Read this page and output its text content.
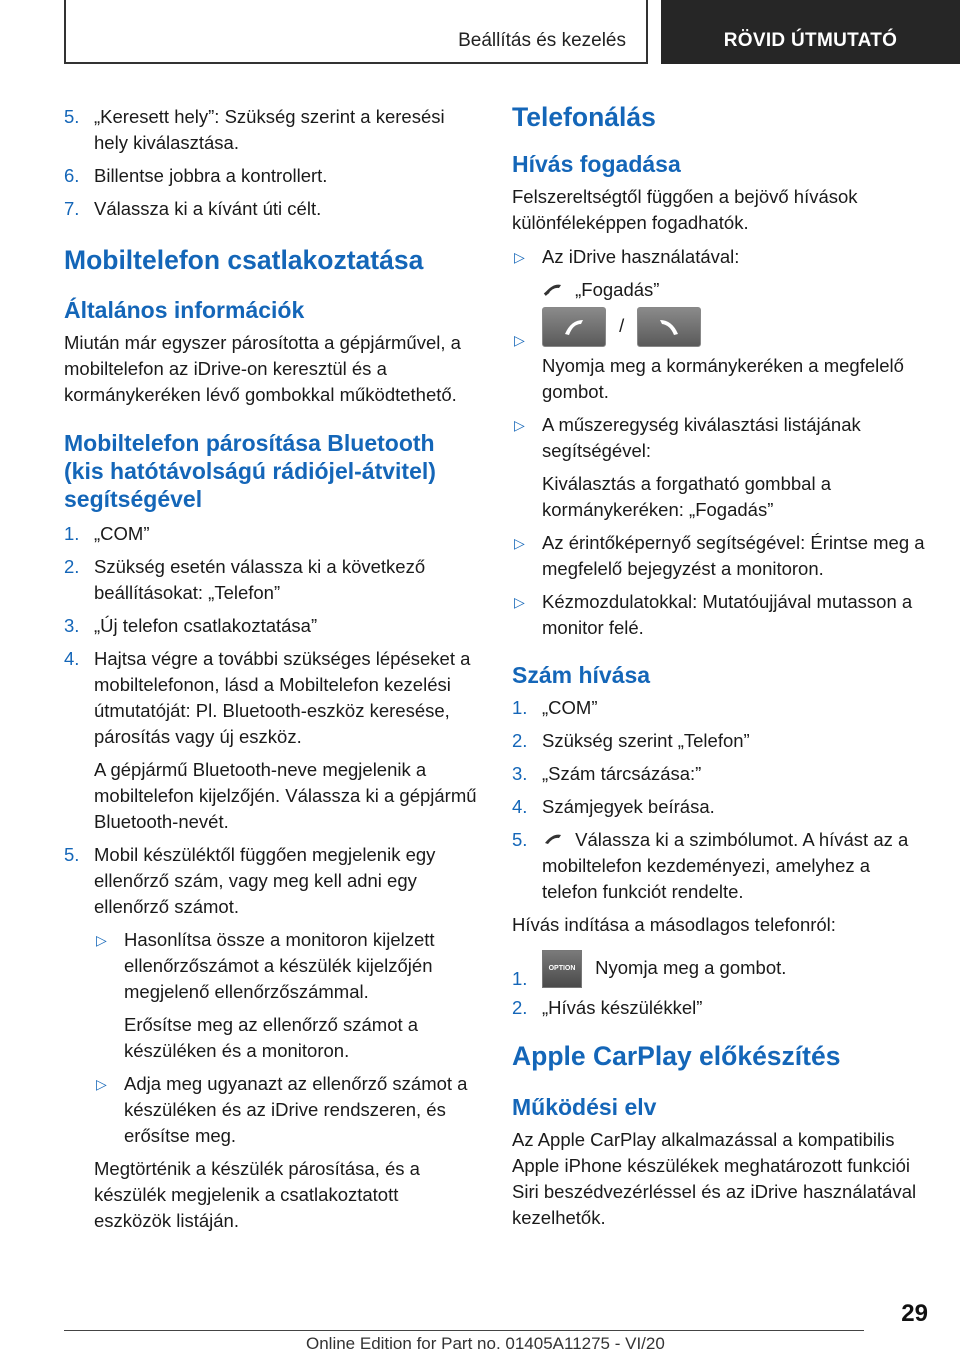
Beállítás és kezelés	RÖVID ÚTMUTATÓ
5. „Keresett hely”: Szükség szerint a keresési hely kiválasztása.
6. Billentse jobbra a kontrollert.
7. Válassza ki a kívánt úti célt.
Mobiltelefon csatlakoztatása
Általános információk

Miután már egyszer párosította a gépjárművel, a mobiltelefon az iDrive-on keresztül és a kormánykeréken lévő gombokkal működtethető.

Mobiltelefon párosítása Bluetooth (kis hatótávolságú rádiójel-átvitel) segítségével
1. „COM”
2. Szükség esetén válassza ki a következő beállításokat: „Telefon”
3. „Új telefon csatlakoztatása”
4. Hajtsa végre a további szükséges lépéseket a mobiltelefonon, lásd a Mobiltelefon kezelési útmutatóját: Pl. Bluetooth-eszköz keresése, párosítás vagy új eszköz.

A gépjármű Bluetooth-neve megjelenik a mobiltelefon kijelzőjén. Válassza ki a gépjármű Bluetooth-nevét.

5. Mobil készüléktől függően megjelenik egy ellenőrző szám, vagy meg kell adni egy ellenőrző számot.
▷ Hasonlítsa össze a monitoron kijelzett ellenőrzőszámot a készülék kijelzőjén megjelenő ellenőrzőszámmal.

Erősítse meg az ellenőrző számot a készüléken és a monitoron.

▷ Adja meg ugyanazt az ellenőrző számot a készüléken és az iDrive rendszeren, és erősítse meg.

Megtörténik a készülék párosítása, és a készülék megjelenik a csatlakoztatott eszközök listáján.

Telefonálás
Hívás fogadása

Felszereltségtől függően a bejövő hívások különféleképpen fogadhatók.

▷ Az iDrive használatával:

„Fogadás”

▷
/

Nyomja meg a kormánykeréken a megfelelő gombot.

▷ A műszeregység kiválasztási listájának segítségével:

Kiválasztás a forgatható gombbal a kormánykeréken: „Fogadás”

▷ Az érintőképernyő segítségével: Érintse meg a megfelelő bejegyzést a monitoron.
▷ Kézmozdulatokkal: Mutatóujjával mutasson a monitor felé.
Szám hívása
1. „COM”
2. Szükség szerint „Telefon”
3. „Szám tárcsázása:”
4. Számjegyek beírása.
5.	Válassza ki a szimbólumot. A hívást az a mobiltelefon kezdeményezi, amelyhez a telefon funkciót rendelte.

Hívás indítása a másodlagos telefonról:

1.	OPTION Nyomja meg a gombot.
2. „Hívás készülékkel”
Apple CarPlay előkészítés
Működési elv

Az Apple CarPlay alkalmazással a kompatibilis Apple iPhone készülékek meghatározott funkciói Siri beszédvezérléssel és az iDrive használatával kezelhetők.

29
Online Edition for Part no. 01405A11275 - VI/20
